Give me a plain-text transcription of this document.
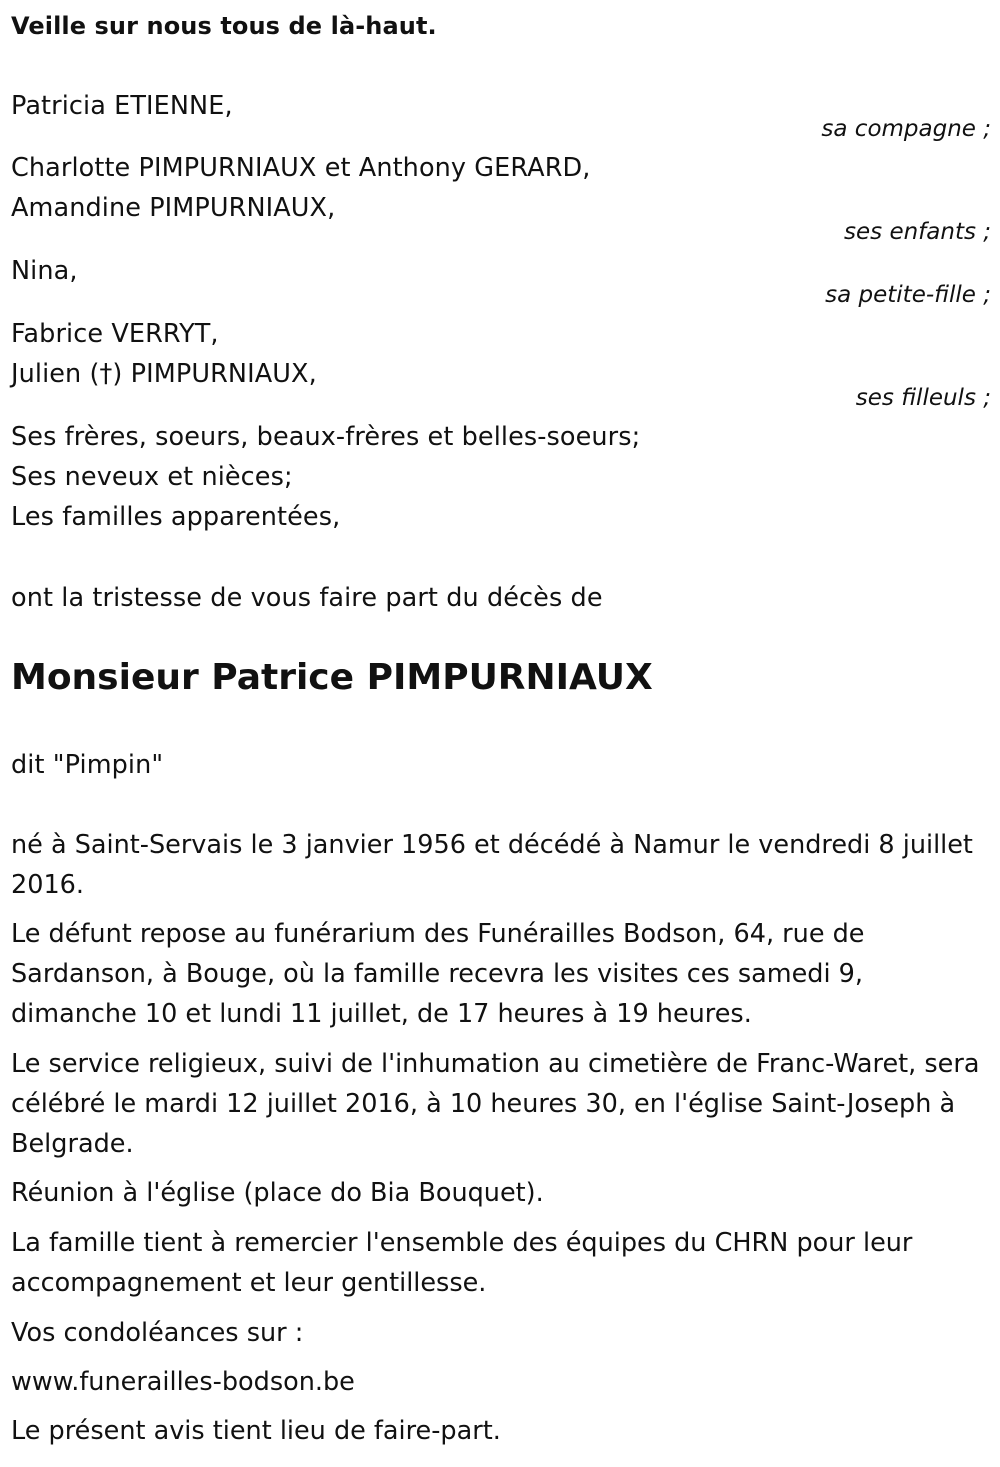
Veille sur nous tous de là-haut.
Patricia ETIENNE,
sa compagne ;
Charlotte PIMPURNIAUX et Anthony GERARD,
Amandine PIMPURNIAUX,
ses enfants ;
Nina,
sa petite-fille ;
Fabrice VERRYT,
Julien (†) PIMPURNIAUX,
ses filleuls ;
Ses frères, soeurs, beaux-frères et belles-soeurs;
Ses neveux et nièces;
Les familles apparentées,
ont la tristesse de vous faire part du décès de
Monsieur Patrice PIMPURNIAUX
dit "Pimpin"

né à Saint-Servais le 3 janvier 1956 et décédé à Namur le vendredi 8 juillet 2016.

Le défunt repose au funérarium des Funérailles Bodson, 64, rue de Sardanson, à Bouge, où la famille recevra les visites ces samedi 9, dimanche 10 et lundi 11 juillet, de 17 heures à 19 heures.

Le service religieux, suivi de l'inhumation au cimetière de Franc-Waret, sera célébré le mardi 12 juillet 2016, à 10 heures 30, en l'église Saint-Joseph à Belgrade.

Réunion à l'église (place do Bia Bouquet).

La famille tient à remercier l'ensemble des équipes du CHRN pour leur accompagnement et leur gentillesse.

Vos condoléances sur :

www.funerailles-bodson.be

Le présent avis tient lieu de faire-part.
